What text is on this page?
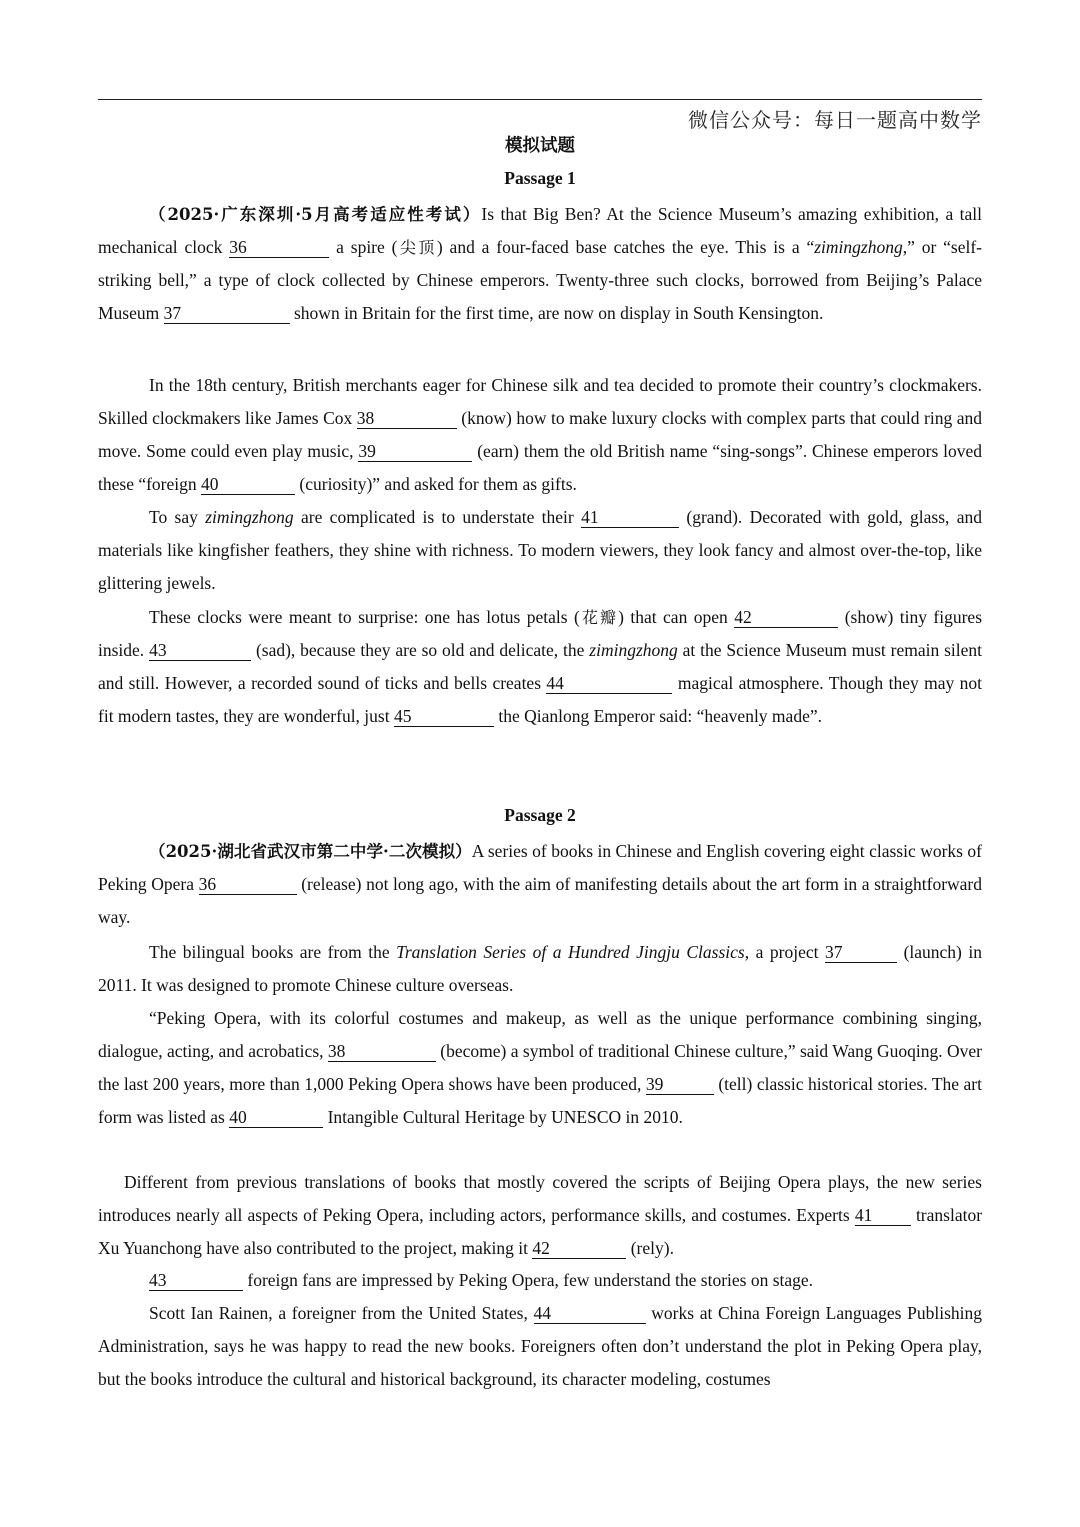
微信公众号：每日一题高中数学
模拟试题
Passage 1
（2025·广东深圳·5月高考适应性考试）Is that Big Ben? At the Science Museum’s amazing exhibition, a tall mechanical clock 36	a spire (尖顶) and a four-faced base catches the eye. This is a “zimingzhong,” or “self-striking bell,” a type of clock collected by Chinese emperors. Twenty-three such clocks, borrowed from Beijing’s Palace Museum 37	shown in Britain for the first time, are now on display in South Kensington.
In the 18th century, British merchants eager for Chinese silk and tea decided to promote their country’s clockmakers. Skilled clockmakers like James Cox 38	(know) how to make luxury clocks with complex parts that could ring and move. Some could even play music, 39	(earn) them the old British name “sing-songs”. Chinese emperors loved these “foreign 40	(curiosity)” and asked for them as gifts.
To say zimingzhong are complicated is to understate their 41	(grand). Decorated with gold, glass, and materials like kingfisher feathers, they shine with richness. To modern viewers, they look fancy and almost over-the-top, like glittering jewels.
These clocks were meant to surprise: one has lotus petals (花瓣) that can open 42	(show) tiny figures inside. 43	(sad), because they are so old and delicate, the zimingzhong at the Science Museum must remain silent and still. However, a recorded sound of ticks and bells creates 44	magical atmosphere. Though they may not fit modern tastes, they are wonderful, just 45	the Qianlong Emperor said: “heavenly made”.
Passage 2
（2025·湖北省武汉市第二中学·二次模拟）A series of books in Chinese and English covering eight classic works of Peking Opera 36	(release) not long ago, with the aim of manifesting details about the art form in a straightforward way.
The bilingual books are from the Translation Series of a Hundred Jingju Classics, a project 37	(launch) in 2011. It was designed to promote Chinese culture overseas.
“Peking Opera, with its colorful costumes and makeup, as well as the unique performance combining singing, dialogue, acting, and acrobatics, 38	(become) a symbol of traditional Chinese culture,” said Wang Guoqing. Over the last 200 years, more than 1,000 Peking Opera shows have been produced, 39	(tell) classic historical stories. The art form was listed as 40	Intangible Cultural Heritage by UNESCO in 2010.
Different from previous translations of books that mostly covered the scripts of Beijing Opera plays, the new series introduces nearly all aspects of Peking Opera, including actors, performance skills, and costumes. Experts 41 translator Xu Yuanchong have also contributed to the project, making it 42	(rely).
43	foreign fans are impressed by Peking Opera, few understand the stories on stage.
Scott Ian Rainen, a foreigner from the United States, 44	works at China Foreign Languages Publishing Administration, says he was happy to read the new books. Foreigners often don’t understand the plot in Peking Opera play, but the books introduce the cultural and historical background, its character modeling, costumes
